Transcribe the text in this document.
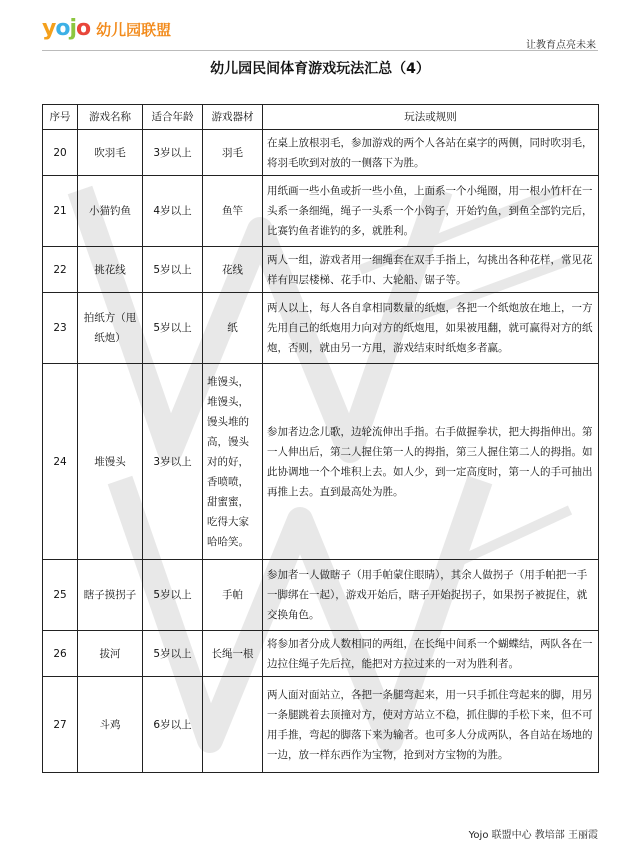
yojo 幼儿园联盟
让教育点亮未来
幼儿园民间体育游戏玩法汇总（4）
序号	游戏名称	适合年龄	游戏器材	玩法或规则
20	吹羽毛	3岁以上	羽毛	在桌上放根羽毛，参加游戏的两个人各站在桌字的两侧，同时吹羽毛，将羽毛吹到对放的一侧落下为胜。
21	小猫钓鱼	4岁以上	鱼竿	用纸画一些小鱼或折一些小鱼，上面系一个小绳圈，用一根小竹杆在一头系一条细绳，绳子一头系一个小钩子，开始钓鱼，到鱼全部钓完后，比赛钓鱼者谁钓的多，就胜利。
22	挑花线	5岁以上	花线	两人一组，游戏者用一细绳套在双手手指上，勾挑出各种花样，常见花样有四层楼梯、花手巾、大轮船、锯子等。
23	拍纸方（甩纸炮）	5岁以上	纸	两人以上，每人各自拿相同数量的纸炮，各把一个纸炮放在地上，一方先用自己的纸炮用力向对方的纸炮甩，如果被甩翻，就可赢得对方的纸炮，否则，就由另一方甩，游戏结束时纸炮多者赢。
24	堆馒头	3岁以上	堆馒头，堆馒头，馒头堆的高，馒头对的好，香喷喷，甜蜜蜜，吃得大家哈哈笑。	参加者边念儿歌，边轮流伸出手指。右手做握拳状，把大拇指伸出。第一人伸出后，第二人握住第一人的拇指，第三人握住第二人的拇指。如此协调地一个个堆积上去。如人少，到一定高度时，第一人的手可抽出再推上去。直到最高处为胜。
25	瞎子摸拐子	5岁以上	手帕	参加者一人做瞎子（用手帕蒙住眼睛），其余人做拐子（用手帕把一手一脚绑在一起），游戏开始后，瞎子开始捉拐子，如果拐子被捉住，就交换角色。
26	拔河	5岁以上	长绳一根	将参加者分成人数相同的两组，在长绳中间系一个蝴蝶结，两队各在一边拉住绳子先后拉，能把对方拉过来的一对为胜利者。
27	斗鸡	6岁以上		两人面对面站立，各把一条腿弯起来，用一只手抓住弯起来的脚，用另一条腿跳着去顶撞对方，使对方站立不稳，抓住脚的手松下来，但不可用手推，弯起的脚落下来为输者。也可多人分成两队，各自站在场地的一边，放一样东西作为宝物，抢到对方宝物的为胜。
Yojo 联盟中心 教培部 王丽霞
